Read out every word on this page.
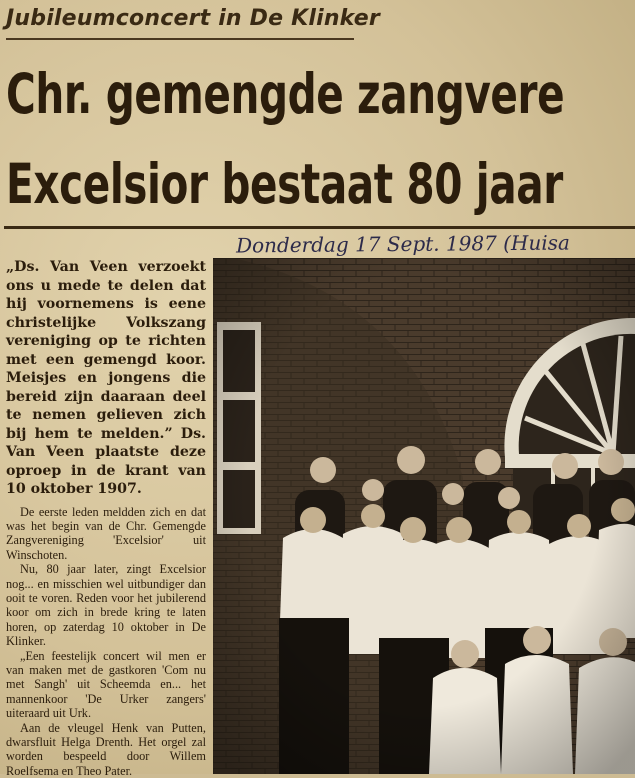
Jubileumconcert in De Klinker
Chr. gemengde zangvere
Excelsior bestaat 80 jaar
Donderdag 17 Sept. 1987 (Huisa

„Ds. Van Veen verzoekt ons u mede te delen dat hij voornemens is eene christelijke Volkszang vereniging op te richten met een gemengd koor. Meisjes en jongens die bereid zijn daaraan deel te nemen gelieven zich bij hem te melden.” Ds. Van Veen plaatste deze oproep in de krant van 10 oktober 1907.

De eerste leden meldden zich en dat was het begin van de Chr. Gemengde Zangvereniging 'Excelsior' uit Winschoten.

Nu, 80 jaar later, zingt Excelsior nog... en misschien wel uitbundiger dan ooit te voren. Reden voor het jubilerend koor om zich in brede kring te laten horen, op zaterdag 10 oktober in De Klinker.

„Een feestelijk concert wil men er van maken met de gastkoren 'Com nu met Sangh' uit Scheemda en... het mannenkoor 'De Urker zangers' uiteraard uit Urk.

Aan de vleugel Henk van Putten, dwarsfluit Helga Drenth. Het orgel zal worden bespeeld door Willem Roelfsema en Theo Pater.
